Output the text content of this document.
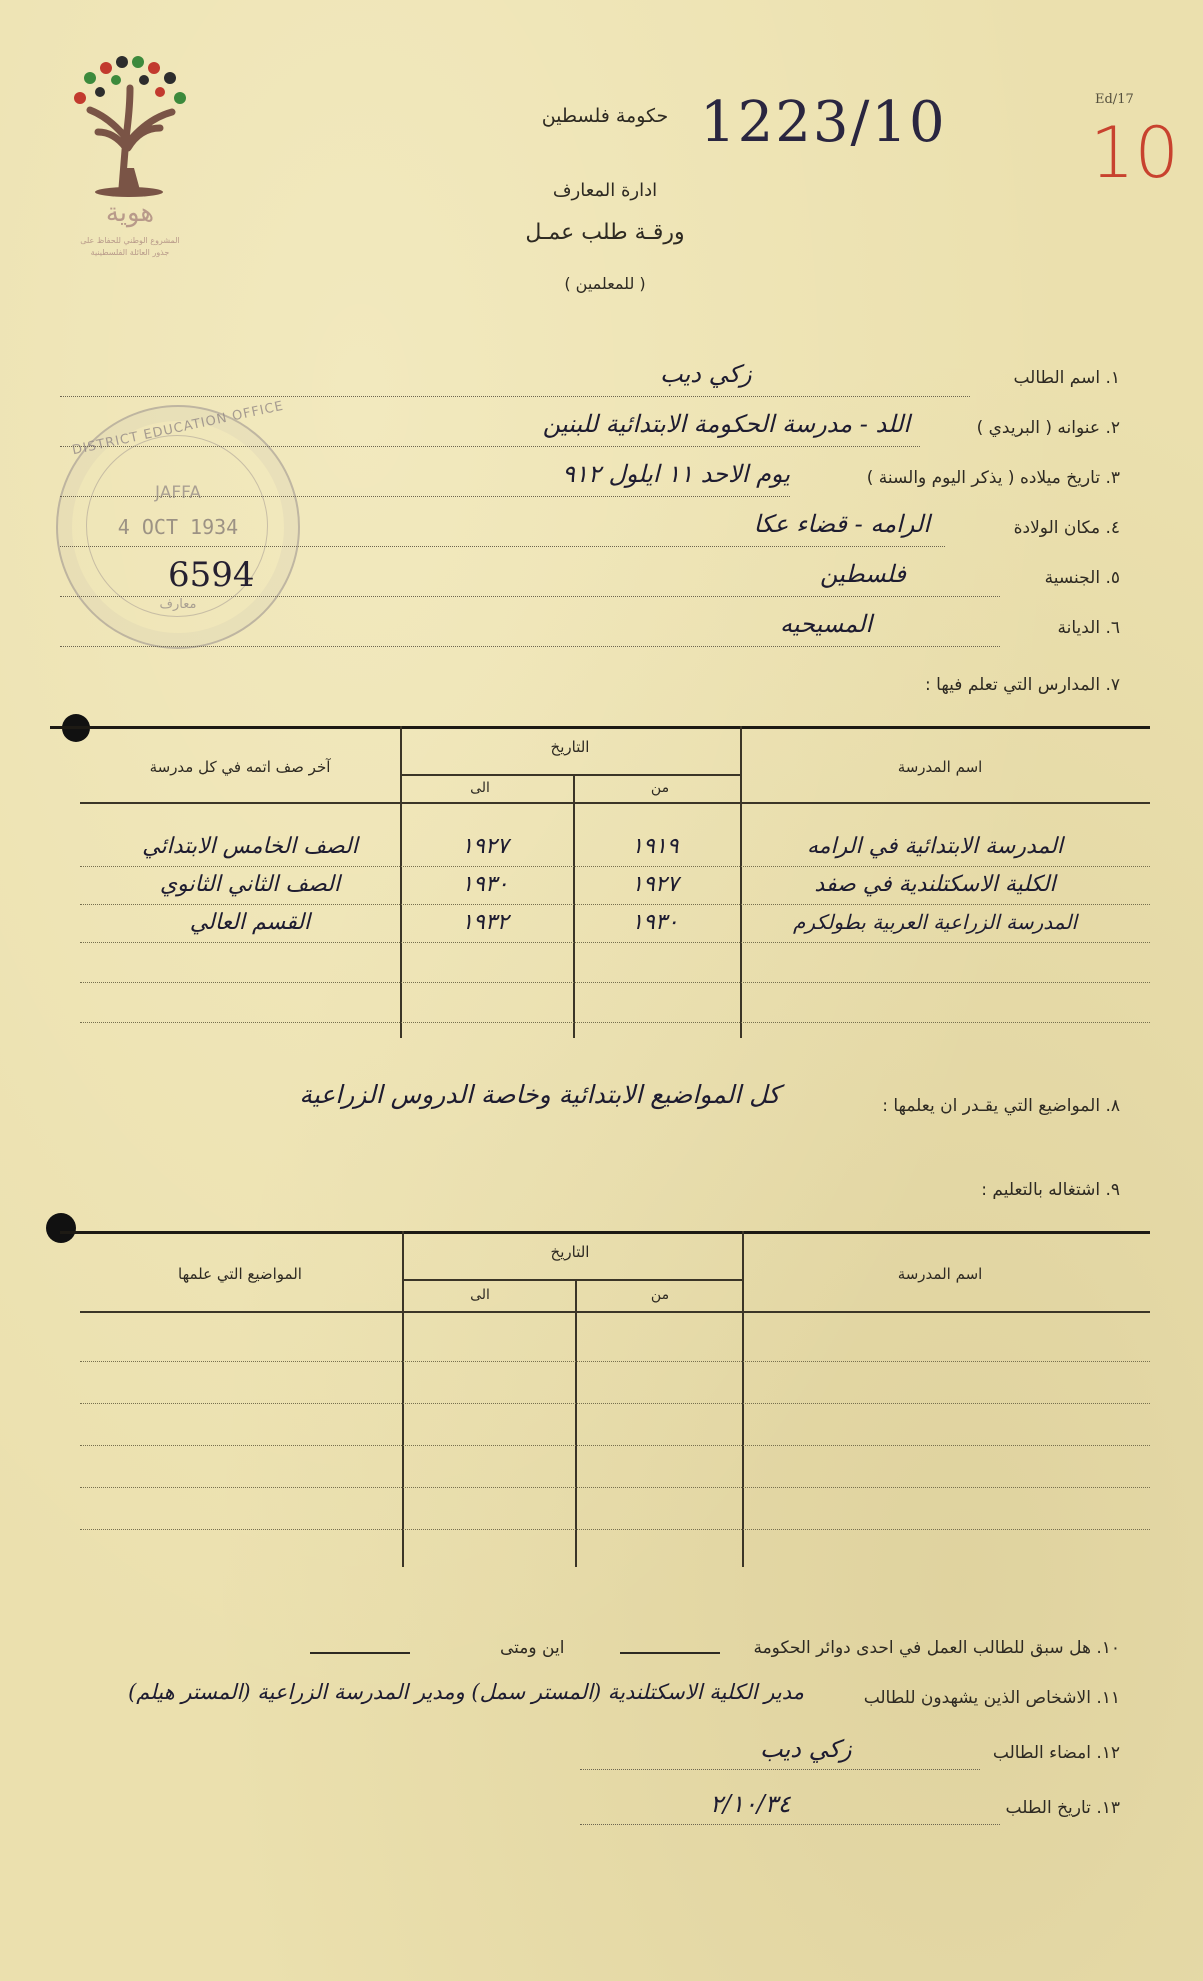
هوية
المشروع الوطني للحفاظ على
جذور العائلة الفلسطينية
حكومة فلسطين 1223/10	Ed/17
10
ادارة المعارف
ورقـة طلب عمـل
( للمعلمين )
DISTRICT EDUCATION OFFICE
JAFFA
4 OCT 1934
معارف
6594
١. اسم الطالب
زكي ديب
٢. عنوانه ( البريدي )
اللد - مدرسة الحكومة الابتدائية للبنين
٣. تاريخ ميلاده ( يذكر اليوم والسنة )
يوم الاحد ١١ ايلول ٩١٢
٤. مكان الولادة
الرامه - قضاء عكا
٥. الجنسية
فلسطين
٦. الديانة
المسيحيه
٧. المدارس التي تعلم فيها :
آخر صف اتمه في كل مدرسة
التاريخ
الى	من
اسم المدرسة
الصف الخامس الابتدائي	١٩٢٧	١٩١٩	المدرسة الابتدائية في الرامه
الصف الثاني الثانوي	١٩٣٠	١٩٢٧	الكلية الاسكتلندية في صفد
القسم العالي	١٩٣٢	١٩٣٠	المدرسة الزراعية العربية بطولكرم
٨. المواضيع التي يقـدر ان يعلمها :
كل المواضيع الابتدائية وخاصة الدروس الزراعية
٩. اشتغاله بالتعليم :
المواضيع التي علمها
التاريخ
الى	من
اسم المدرسة
١٠. هل سبق للطالب العمل في احدى دوائر الحكومة
اين ومتى
١١. الاشخاص الذين يشهدون للطالب
مدير الكلية الاسكتلندية (المستر سمل) ومدير المدرسة الزراعية (المستر هيلم)
١٢. امضاء الطالب
زكي ديب
١٣. تاريخ الطلب
٢/١٠/٣٤
